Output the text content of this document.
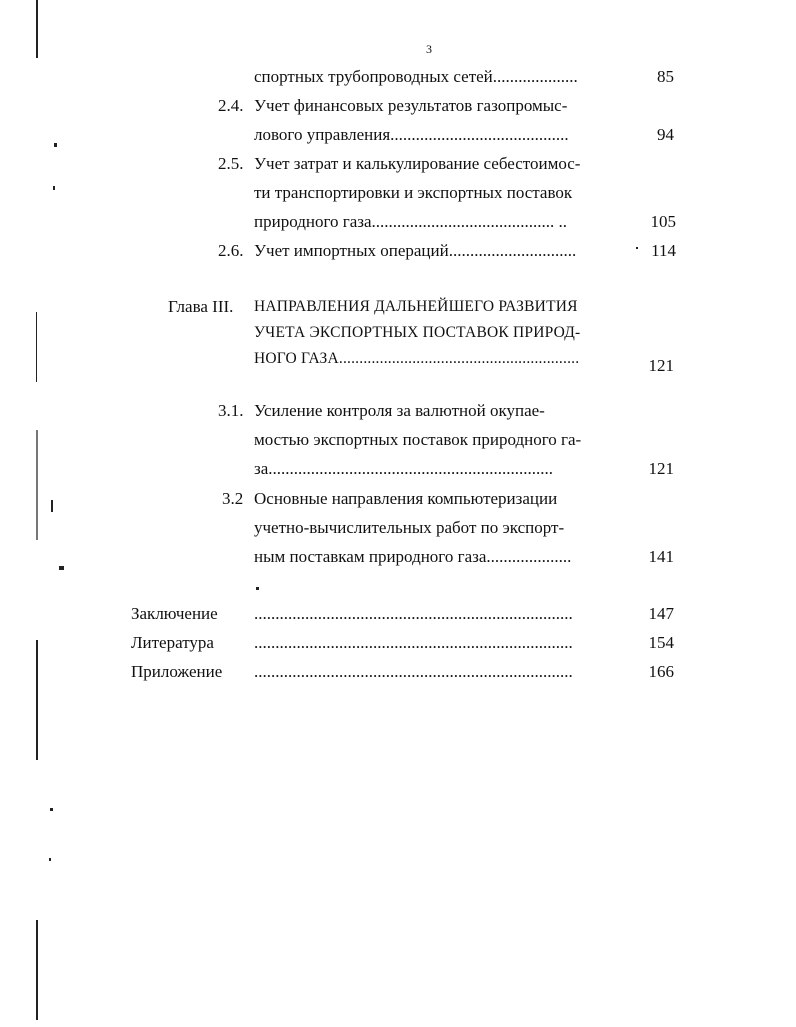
3
спортных трубопроводных сетей....................	85
2.4. Учет финансовых результатов газопромыс-
лового управления..........................................	94
2.5. Учет затрат и калькулирование себестоимос-
ти транспортировки и экспортных поставок
природного газа........................................... ..	105
2.6. Учет импортных операций..............................	114
Глава III. НАПРАВЛЕНИЯ ДАЛЬНЕЙШЕГО РАЗВИТИЯ
УЧЕТА ЭКСПОРТНЫХ ПОСТАВОК ПРИРОД-
НОГО ГАЗА...........................................................	121
3.1. Усиление контроля за валютной окупае-
мостью экспортных поставок природного га-
за...................................................................	121
3.2 Основные направления компьютеризации
учетно-вычислительных работ по экспорт-
ным поставкам природного газа....................	141
Заключение ...........................................................................	147
Литература ...........................................................................	154
Приложение ...........................................................................	166
